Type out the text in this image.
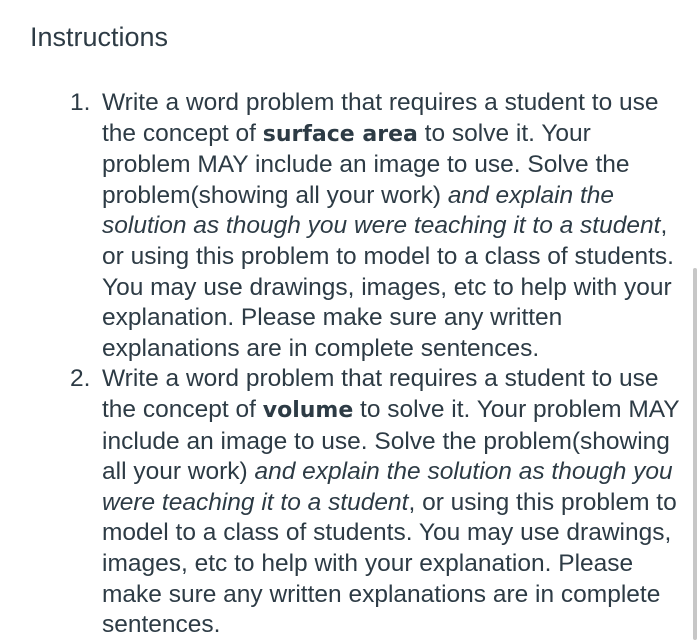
Instructions
1. Write a word problem that requires a student to use the concept of surface area to solve it. Your problem MAY include an image to use. Solve the problem(showing all your work) and explain the solution as though you were teaching it to a student, or using this problem to model to a class of students. You may use drawings, images, etc to help with your explanation. Please make sure any written explanations are in complete sentences.
2. Write a word problem that requires a student to use the concept of volume to solve it. Your problem MAY include an image to use. Solve the problem(showing all your work) and explain the solution as though you were teaching it to a student, or using this problem to model to a class of students. You may use drawings, images, etc to help with your explanation. Please make sure any written explanations are in complete sentences.
